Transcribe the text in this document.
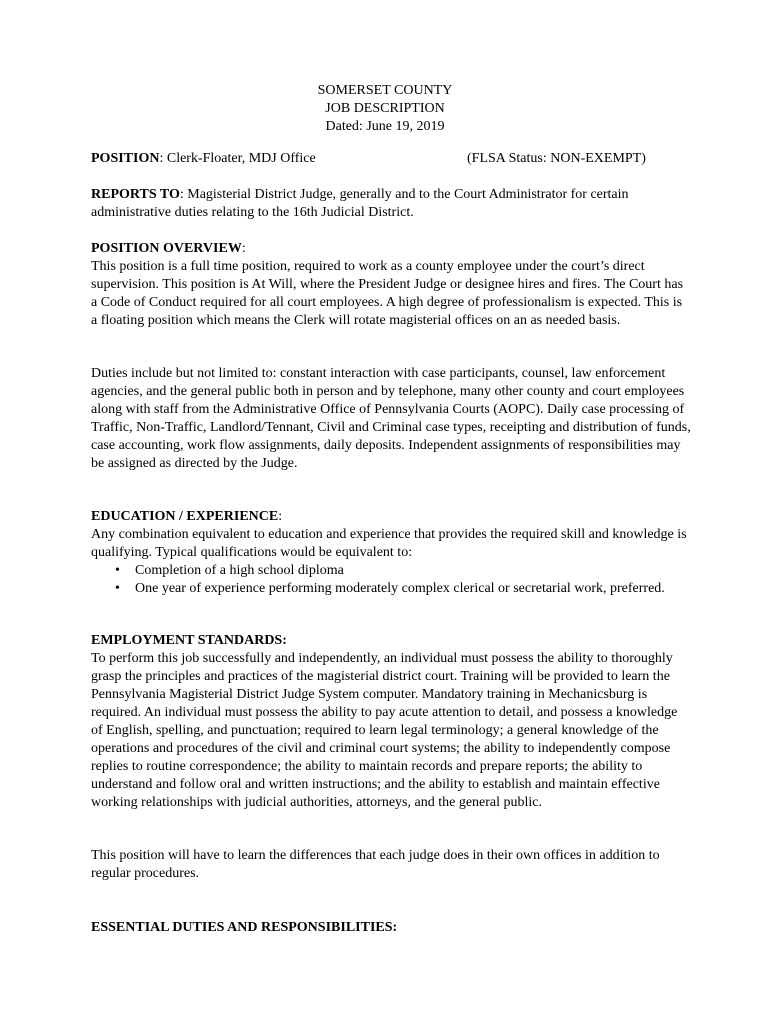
SOMERSET COUNTY
JOB DESCRIPTION
Dated: June 19, 2019
POSITION: Clerk-Floater, MDJ Office	(FLSA Status: NON-EXEMPT)

REPORTS TO: Magisterial District Judge, generally and to the Court Administrator for certain administrative duties relating to the 16th Judicial District.

POSITION OVERVIEW:

This position is a full time position, required to work as a county employee under the court’s direct supervision. This position is At Will, where the President Judge or designee hires and fires. The Court has a Code of Conduct required for all court employees. A high degree of professionalism is expected. This is a floating position which means the Clerk will rotate magisterial offices on an as needed basis.

Duties include but not limited to: constant interaction with case participants, counsel, law enforcement agencies, and the general public both in person and by telephone, many other county and court employees along with staff from the Administrative Office of Pennsylvania Courts (AOPC). Daily case processing of Traffic, Non-Traffic, Landlord/Tennant, Civil and Criminal case types, receipting and distribution of funds, case accounting, work flow assignments, daily deposits. Independent assignments of responsibilities may be assigned as directed by the Judge.

EDUCATION / EXPERIENCE:

Any combination equivalent to education and experience that provides the required skill and knowledge is qualifying. Typical qualifications would be equivalent to:

• Completion of a high school diploma
• One year of experience performing moderately complex clerical or secretarial work, preferred.

EMPLOYMENT STANDARDS:

To perform this job successfully and independently, an individual must possess the ability to thoroughly grasp the principles and practices of the magisterial district court. Training will be provided to learn the Pennsylvania Magisterial District Judge System computer. Mandatory training in Mechanicsburg is required. An individual must possess the ability to pay acute attention to detail, and possess a knowledge of English, spelling, and punctuation; required to learn legal terminology; a general knowledge of the operations and procedures of the civil and criminal court systems; the ability to independently compose replies to routine correspondence; the ability to maintain records and prepare reports; the ability to understand and follow oral and written instructions; and the ability to establish and maintain effective working relationships with judicial authorities, attorneys, and the general public.

This position will have to learn the differences that each judge does in their own offices in addition to regular procedures.

ESSENTIAL DUTIES AND RESPONSIBILITIES:
